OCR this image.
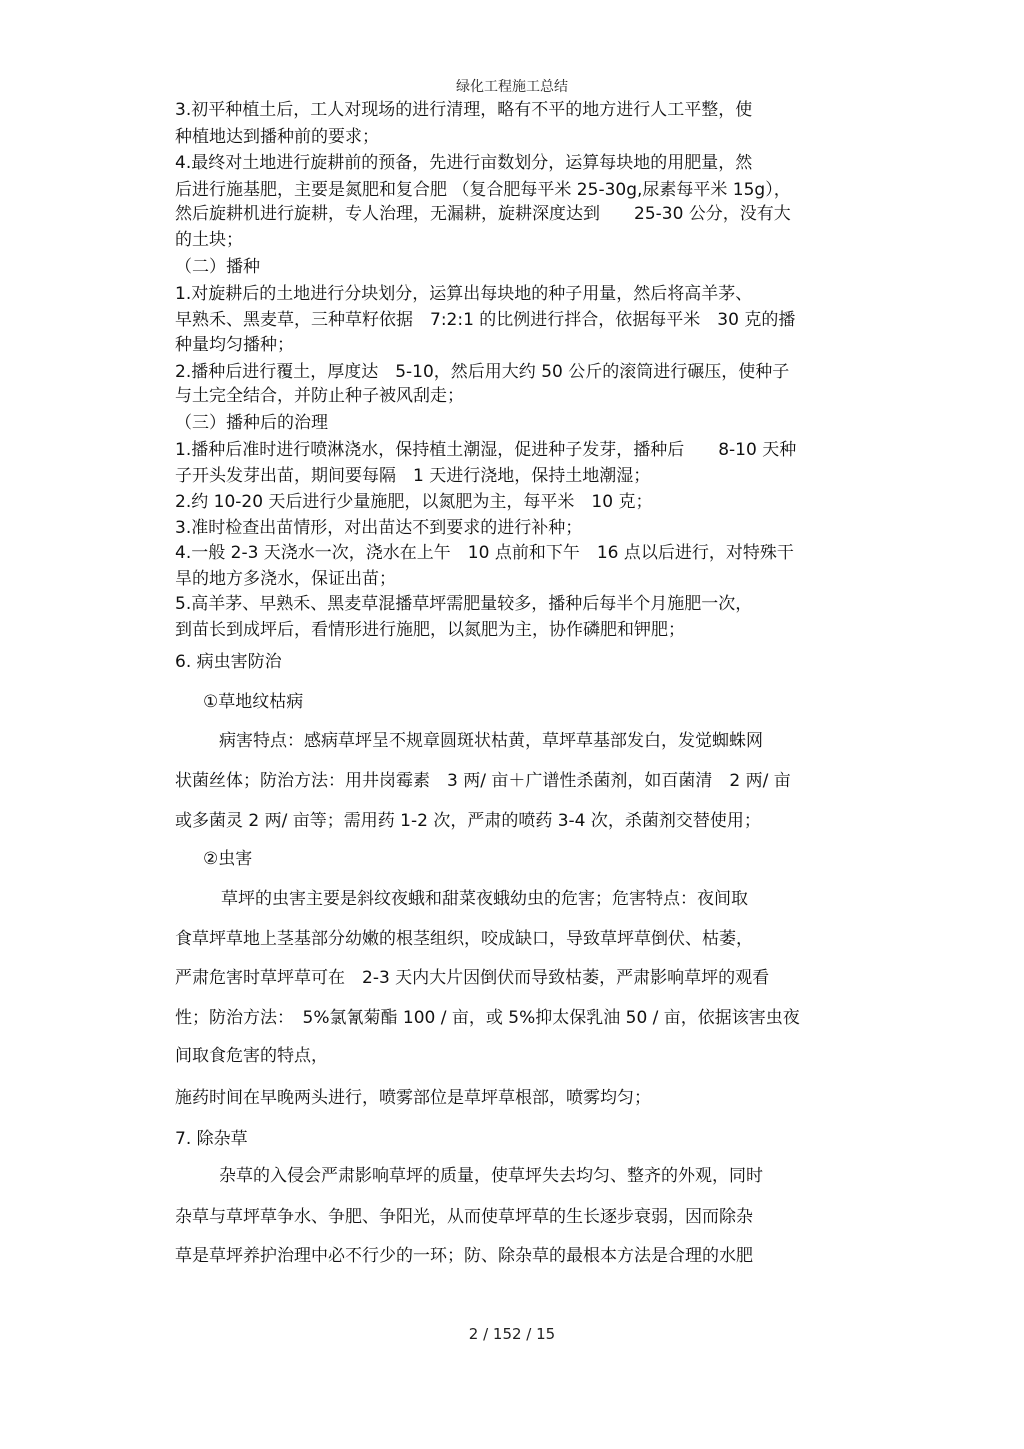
绿化工程施工总结
3.初平种植土后，工人对现场的进行清理，略有不平的地方进行人工平整，使
种植地达到播种前的要求；
4.最终对土地进行旋耕前的预备，先进行亩数划分，运算每块地的用肥量，然
后进行施基肥，主要是氮肥和复合肥 （复合肥每平米 25-30g,尿素每平米 15g），
然后旋耕机进行旋耕，专人治理，无漏耕，旋耕深度达到　　25-30 公分，没有大
的土块；
（二）播种
1.对旋耕后的土地进行分块划分，运算出每块地的种子用量，然后将高羊茅、
早熟禾、黑麦草，三种草籽依据　7:2:1 的比例进行拌合，依据每平米　30 克的播
种量均匀播种；
2.播种后进行覆土，厚度达　5-10，然后用大约 50 公斤的滚筒进行碾压，使种子
与土完全结合，并防止种子被风刮走；
（三）播种后的治理
1.播种后准时进行喷淋浇水，保持植土潮湿，促进种子发芽，播种后　　8-10 天种
子开头发芽出苗，期间要每隔　1 天进行浇地，保持土地潮湿；
2.约 10-20 天后进行少量施肥，以氮肥为主，每平米　10 克；
3.准时检查出苗情形，对出苗达不到要求的进行补种；
4.一般 2-3 天浇水一次，浇水在上午　10 点前和下午　16 点以后进行，对特殊干
旱的地方多浇水，保证出苗；
5.高羊茅、早熟禾、黑麦草混播草坪需肥量较多，播种后每半个月施肥一次，
到苗长到成坪后，看情形进行施肥，以氮肥为主，协作磷肥和钾肥；
6. 病虫害防治
①草地纹枯病
病害特点：感病草坪呈不规章圆斑状枯黄，草坪草基部发白，发觉蜘蛛网
状菌丝体；防治方法：用井岗霉素　3 两/ 亩＋广谱性杀菌剂，如百菌清　2 两/ 亩
或多菌灵 2 两/ 亩等；需用药 1-2 次，严肃的喷药 3-4 次，杀菌剂交替使用；
②虫害
草坪的虫害主要是斜纹夜蛾和甜菜夜蛾幼虫的危害；危害特点：夜间取
食草坪草地上茎基部分幼嫩的根茎组织，咬成缺口，导致草坪草倒伏、枯萎，
严肃危害时草坪草可在　2-3 天内大片因倒伏而导致枯萎，严肃影响草坪的观看
性；防治方法：　5%氯氰菊酯 100 / 亩，或 5%抑太保乳油 50 / 亩，依据该害虫夜
间取食危害的特点，
施药时间在早晚两头进行，喷雾部位是草坪草根部，喷雾均匀；
7. 除杂草
杂草的入侵会严肃影响草坪的质量，使草坪失去均匀、整齐的外观，同时
杂草与草坪草争水、争肥、争阳光，从而使草坪草的生长逐步衰弱，因而除杂
草是草坪养护治理中必不行少的一环；防、除杂草的最根本方法是合理的水肥
2 / 152 / 15
